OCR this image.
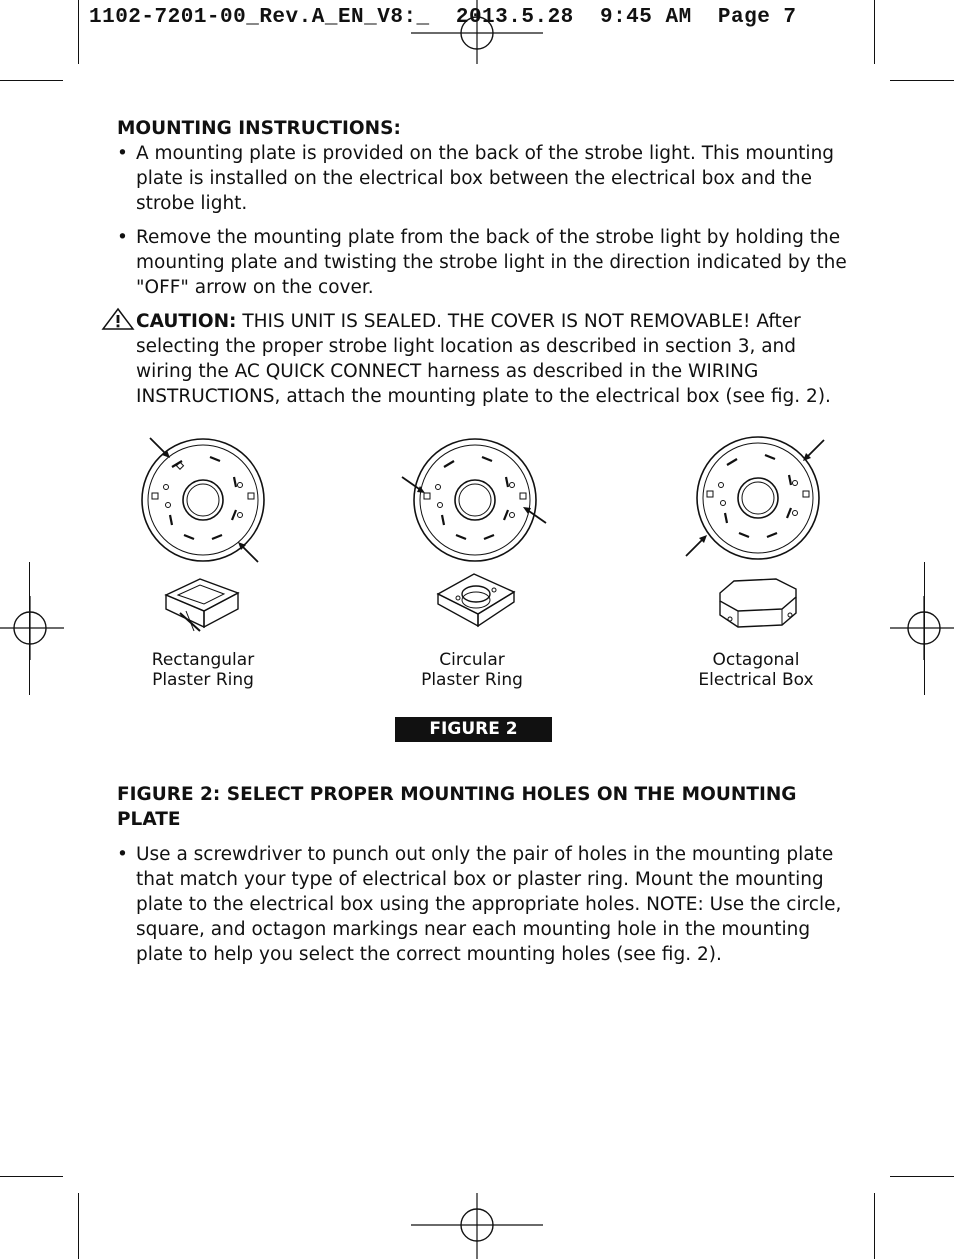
1102-7201-00_Rev.A_EN_V8:_  2013.5.28  9:45 AM  Page 7
MOUNTING INSTRUCTIONS:
• A mounting plate is provided on the back of the strobe light. This mounting plate is installed on the electrical box between the electrical box and the strobe light.
• Remove the mounting plate from the back of the strobe light by holding the mounting plate and twisting the strobe light in the direction indicated by the "OFF" arrow on the cover.
CAUTION: THIS UNIT IS SEALED. THE COVER IS NOT REMOVABLE! After selecting the proper strobe light location as described in section 3, and wiring the AC QUICK CONNECT harness as described in the WIRING INSTRUCTIONS, attach the mounting plate to the electrical box (see fig. 2).
Rectangular
Plaster Ring
Circular
Plaster Ring
Octagonal
Electrical Box
FIGURE 2
FIGURE 2: SELECT PROPER MOUNTING HOLES ON THE MOUNTING PLATE
• Use a screwdriver to punch out only the pair of holes in the mounting plate that match your type of electrical box or plaster ring. Mount the mounting plate to the electrical box using the appropriate holes. NOTE: Use the circle, square, and octagon markings near each mounting hole in the mounting plate to help you select the correct mounting holes (see fig. 2).
